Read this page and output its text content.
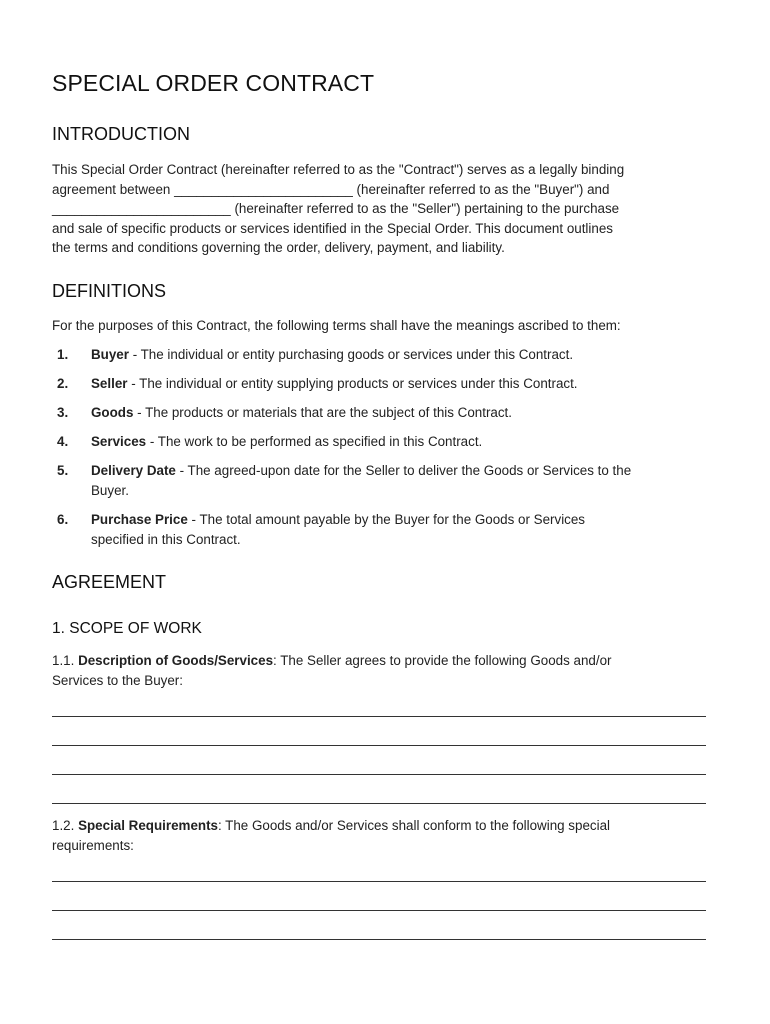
SPECIAL ORDER CONTRACT
INTRODUCTION

This Special Order Contract (hereinafter referred to as the "Contract") serves as a legally binding
agreement between ________________________ (hereinafter referred to as the "Buyer") and
________________________ (hereinafter referred to as the "Seller") pertaining to the purchase
and sale of specific products or services identified in the Special Order. This document outlines
the terms and conditions governing the order, delivery, payment, and liability.

DEFINITIONS

For the purposes of this Contract, the following terms shall have the meanings ascribed to them:

1. Buyer - The individual or entity purchasing goods or services under this Contract.
2. Seller - The individual or entity supplying products or services under this Contract.
3. Goods - The products or materials that are the subject of this Contract.
4. Services - The work to be performed as specified in this Contract.
5. Delivery Date - The agreed-upon date for the Seller to deliver the Goods or Services to the
Buyer.
6. Purchase Price - The total amount payable by the Buyer for the Goods or Services
specified in this Contract.
AGREEMENT
1. SCOPE OF WORK

1.1. Description of Goods/Services: The Seller agrees to provide the following Goods and/or
Services to the Buyer:

1.2. Special Requirements: The Goods and/or Services shall conform to the following special
requirements:
